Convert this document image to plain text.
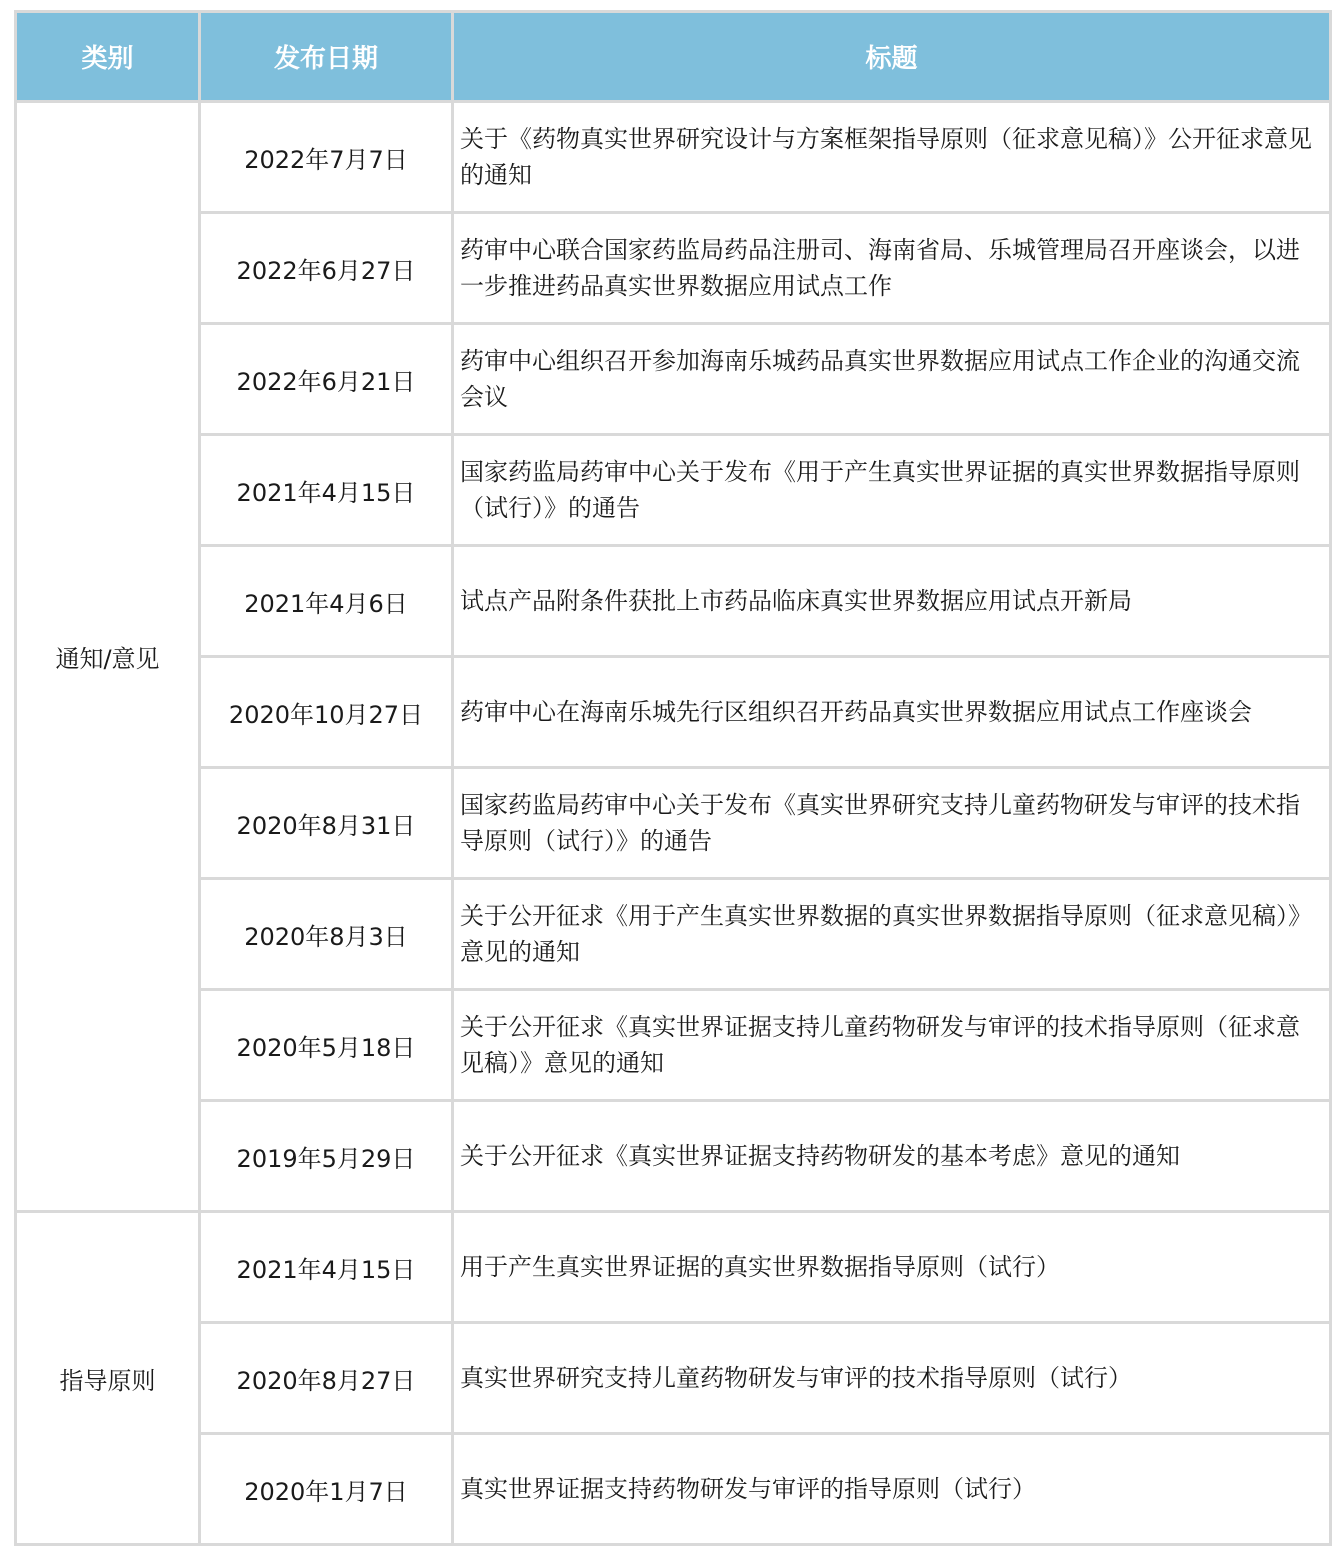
类别	发布日期	标题
通知/意见	2022年7月7日	关于《药物真实世界研究设计与方案框架指导原则（征求意见稿）》公开征求意见的通知
	2022年6月27日	药审中心联合国家药监局药品注册司、海南省局、乐城管理局召开座谈会，以进一步推进药品真实世界数据应用试点工作
	2022年6月21日	药审中心组织召开参加海南乐城药品真实世界数据应用试点工作企业的沟通交流会议
	2021年4月15日	国家药监局药审中心关于发布《用于产生真实世界证据的真实世界数据指导原则（试行）》的通告
	2021年4月6日	试点产品附条件获批上市药品临床真实世界数据应用试点开新局
	2020年10月27日	药审中心在海南乐城先行区组织召开药品真实世界数据应用试点工作座谈会
	2020年8月31日	国家药监局药审中心关于发布《真实世界研究支持儿童药物研发与审评的技术指导原则（试行）》的通告
	2020年8月3日	关于公开征求《用于产生真实世界数据的真实世界数据指导原则（征求意见稿）》意见的通知
	2020年5月18日	关于公开征求《真实世界证据支持儿童药物研发与审评的技术指导原则（征求意见稿）》意见的通知
	2019年5月29日	关于公开征求《真实世界证据支持药物研发的基本考虑》意见的通知
指导原则	2021年4月15日	用于产生真实世界证据的真实世界数据指导原则（试行）
	2020年8月27日	真实世界研究支持儿童药物研发与审评的技术指导原则（试行）
	2020年1月7日	真实世界证据支持药物研发与审评的指导原则（试行）
